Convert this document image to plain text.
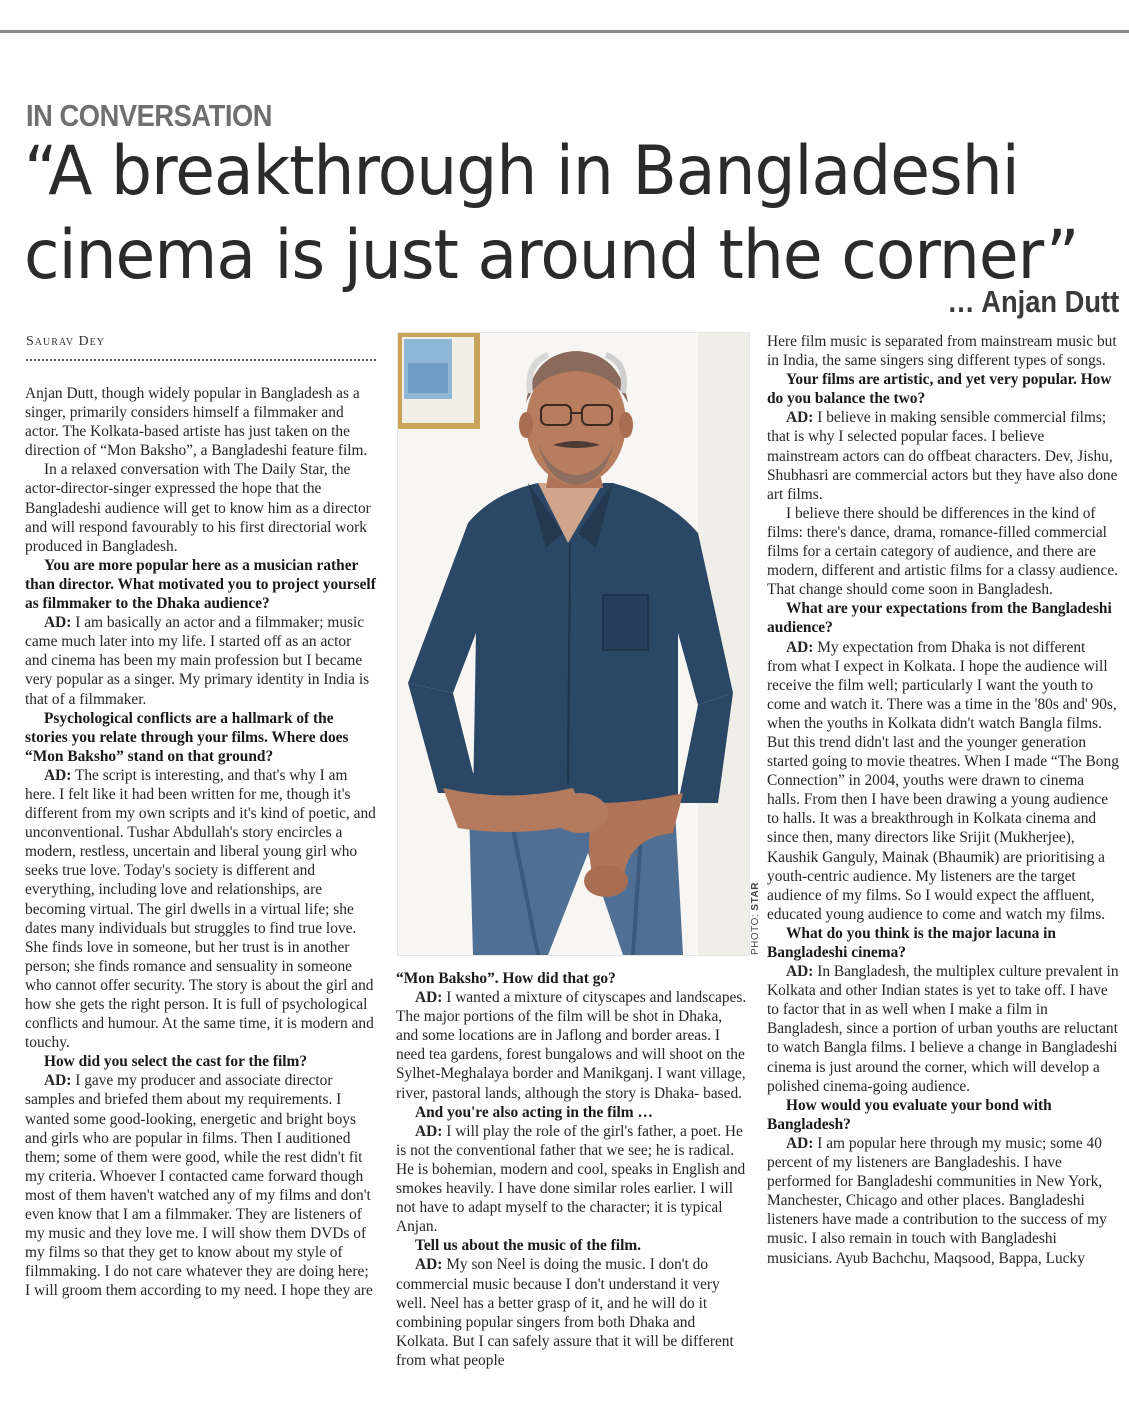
IN CONVERSATION
“A breakthrough in Bangladeshi
cinema is just around the corner”
… Anjan Dutt
Saurav Dey

Anjan Dutt, though widely popular in Bangladesh as a singer, primarily considers himself a filmmaker and actor. The Kolkata-based artiste has just taken on the direction of “Mon Baksho”, a Bangladeshi feature film.

In a relaxed conversation with The Daily Star, the actor-director-singer expressed the hope that the Bangladeshi audience will get to know him as a director and will respond favourably to his first directorial work produced in Bangladesh.

You are more popular here as a musician rather than director. What motivated you to project yourself as filmmaker to the Dhaka audience?

AD: I am basically an actor and a filmmaker; music came much later into my life. I started off as an actor and cinema has been my main profession but I became very popular as a singer. My primary identity in India is that of a filmmaker.

Psychological conflicts are a hallmark of the stories you relate through your films. Where does “Mon Baksho” stand on that ground?

AD: The script is interesting, and that's why I am here. I felt like it had been written for me, though it's different from my own scripts and it's kind of poetic, and unconventional. Tushar Abdullah's story encircles a modern, restless, uncertain and liberal young girl who seeks true love. Today's society is different and everything, including love and relationships, are becoming virtual. The girl dwells in a virtual life; she dates many individuals but struggles to find true love. She finds love in someone, but her trust is in another person; she finds romance and sensuality in someone who cannot offer security. The story is about the girl and how she gets the right person. It is full of psychological conflicts and humour. At the same time, it is modern and touchy.

How did you select the cast for the film?

AD: I gave my producer and associate director samples and briefed them about my requirements. I wanted some good-looking, energetic and bright boys and girls who are popular in films. Then I auditioned them; some of them were good, while the rest didn't fit my criteria. Whoever I contacted came forward though most of them haven't watched any of my films and don't even know that I am a filmmaker. They are listeners of my music and they love me. I will show them DVDs of my films so that they get to know about my style of filmmaking. I do not care whatever they are doing here; I will groom them according to my need. I hope they are

“Mon Baksho”. How did that go?

AD: I wanted a mixture of cityscapes and landscapes. The major portions of the film will be shot in Dhaka, and some locations are in Jaflong and border areas. I need tea gardens, forest bungalows and will shoot on the Sylhet-Meghalaya border and Manikganj. I want village, river, pastoral lands, although the story is Dhaka- based.

And you're also acting in the film …

AD: I will play the role of the girl's father, a poet. He is not the conventional father that we see; he is radical. He is bohemian, modern and cool, speaks in English and smokes heavily. I have done similar roles earlier. I will not have to adapt myself to the character; it is typical Anjan.

Tell us about the music of the film.

AD: My son Neel is doing the music. I don't do commercial music because I don't understand it very well. Neel has a better grasp of it, and he will do it combining popular singers from both Dhaka and Kolkata. But I can safely assure that it will be different from what people

Here film music is separated from mainstream music but in India, the same singers sing different types of songs.

Your films are artistic, and yet very popular. How do you balance the two?

AD: I believe in making sensible commercial films; that is why I selected popular faces. I believe mainstream actors can do offbeat characters. Dev, Jishu, Shubhasri are commercial actors but they have also done art films.

I believe there should be differences in the kind of films: there's dance, drama, romance-filled commercial films for a certain category of audience, and there are modern, different and artistic films for a classy audience. That change should come soon in Bangladesh.

What are your expectations from the Bangladeshi audience?

AD: My expectation from Dhaka is not different from what I expect in Kolkata. I hope the audience will receive the film well; particularly I want the youth to come and watch it. There was a time in the '80s and' 90s, when the youths in Kolkata didn't watch Bangla films. But this trend didn't last and the younger generation started going to movie theatres. When I made “The Bong Connection” in 2004, youths were drawn to cinema halls. From then I have been drawing a young audience to halls. It was a breakthrough in Kolkata cinema and since then, many directors like Srijit (Mukherjee), Kaushik Ganguly, Mainak (Bhaumik) are prioritising a youth-centric audience. My listeners are the target audience of my films. So I would expect the affluent, educated young audience to come and watch my films.

What do you think is the major lacuna in Bangladeshi cinema?

AD: In Bangladesh, the multiplex culture prevalent in Kolkata and other Indian states is yet to take off. I have to factor that in as well when I make a film in Bangladesh, since a portion of urban youths are reluctant to watch Bangla films. I believe a change in Bangladeshi cinema is just around the corner, which will develop a polished cinema-going audience.

How would you evaluate your bond with Bangladesh?

AD: I am popular here through my music; some 40 percent of my listeners are Bangladeshis. I have performed for Bangladeshi communities in New York, Manchester, Chicago and other places. Bangladeshi listeners have made a contribution to the success of my music. I also remain in touch with Bangladeshi musicians. Ayub Bachchu, Maqsood, Bappa, Lucky

PHOTO: STAR
